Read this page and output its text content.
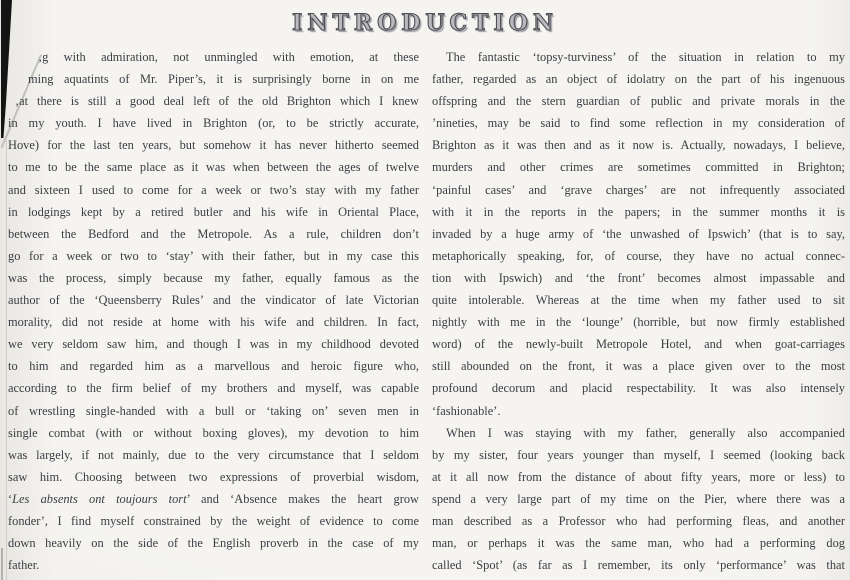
INTRODUCTION
‚g with admiration, not unmingled with emotion, at these
ming aquatints of Mr. Piper’s, it is surprisingly borne in on me
‚at there is still a good deal left of the old Brighton which I knew
in my youth. I have lived in Brighton (or, to be strictly accurate,
Hove) for the last ten years, but somehow it has never hitherto seemed
to me to be the same place as it was when between the ages of twelve
and sixteen I used to come for a week or two’s stay with my father
in lodgings kept by a retired butler and his wife in Oriental Place,
between the Bedford and the Metropole. As a rule, children don’t
go for a week or two to ‘stay’ with their father, but in my case this
was the process, simply because my father, equally famous as the
author of the ‘Queensberry Rules’ and the vindicator of late Victorian
morality, did not reside at home with his wife and children. In fact,
we very seldom saw him, and though I was in my childhood devoted
to him and regarded him as a marvellous and heroic figure who,
according to the firm belief of my brothers and myself, was capable
of wrestling single-handed with a bull or ‘taking on’ seven men in
single combat (with or without boxing gloves), my devotion to him
was largely, if not mainly, due to the very circumstance that I seldom
saw him. Choosing between two expressions of proverbial wisdom,
‘Les absents ont toujours tort’ and ‘Absence makes the heart grow
fonder’, I find myself constrained by the weight of evidence to come
down heavily on the side of the English proverb in the case of my
father.
The fantastic ‘topsy-turviness’ of the situation in relation to my
father, regarded as an object of idolatry on the part of his ingenuous
offspring and the stern guardian of public and private morals in the
’nineties, may be said to find some reflection in my consideration of
Brighton as it was then and as it now is. Actually, nowadays, I believe,
murders and other crimes are sometimes committed in Brighton;
‘painful cases’ and ‘grave charges’ are not infrequently associated
with it in the reports in the papers; in the summer months it is
invaded by a huge army of ‘the unwashed of Ipswich’ (that is to say,
metaphorically speaking, for, of course, they have no actual connec-
tion with Ipswich) and ‘the front’ becomes almost impassable and
quite intolerable. Whereas at the time when my father used to sit
nightly with me in the ‘lounge’ (horrible, but now firmly established
word) of the newly-built Metropole Hotel, and when goat-carriages
still abounded on the front, it was a place given over to the most
profound decorum and placid respectability. It was also intensely
‘fashionable’.
When I was staying with my father, generally also accompanied
by my sister, four years younger than myself, I seemed (looking back
at it all now from the distance of about fifty years, more or less) to
spend a very large part of my time on the Pier, where there was a
man described as a Professor who had performing fleas, and another
man, or perhaps it was the same man, who had a performing dog
called ‘Spot’ (as far as I remember, its only ‘performance’ was that
